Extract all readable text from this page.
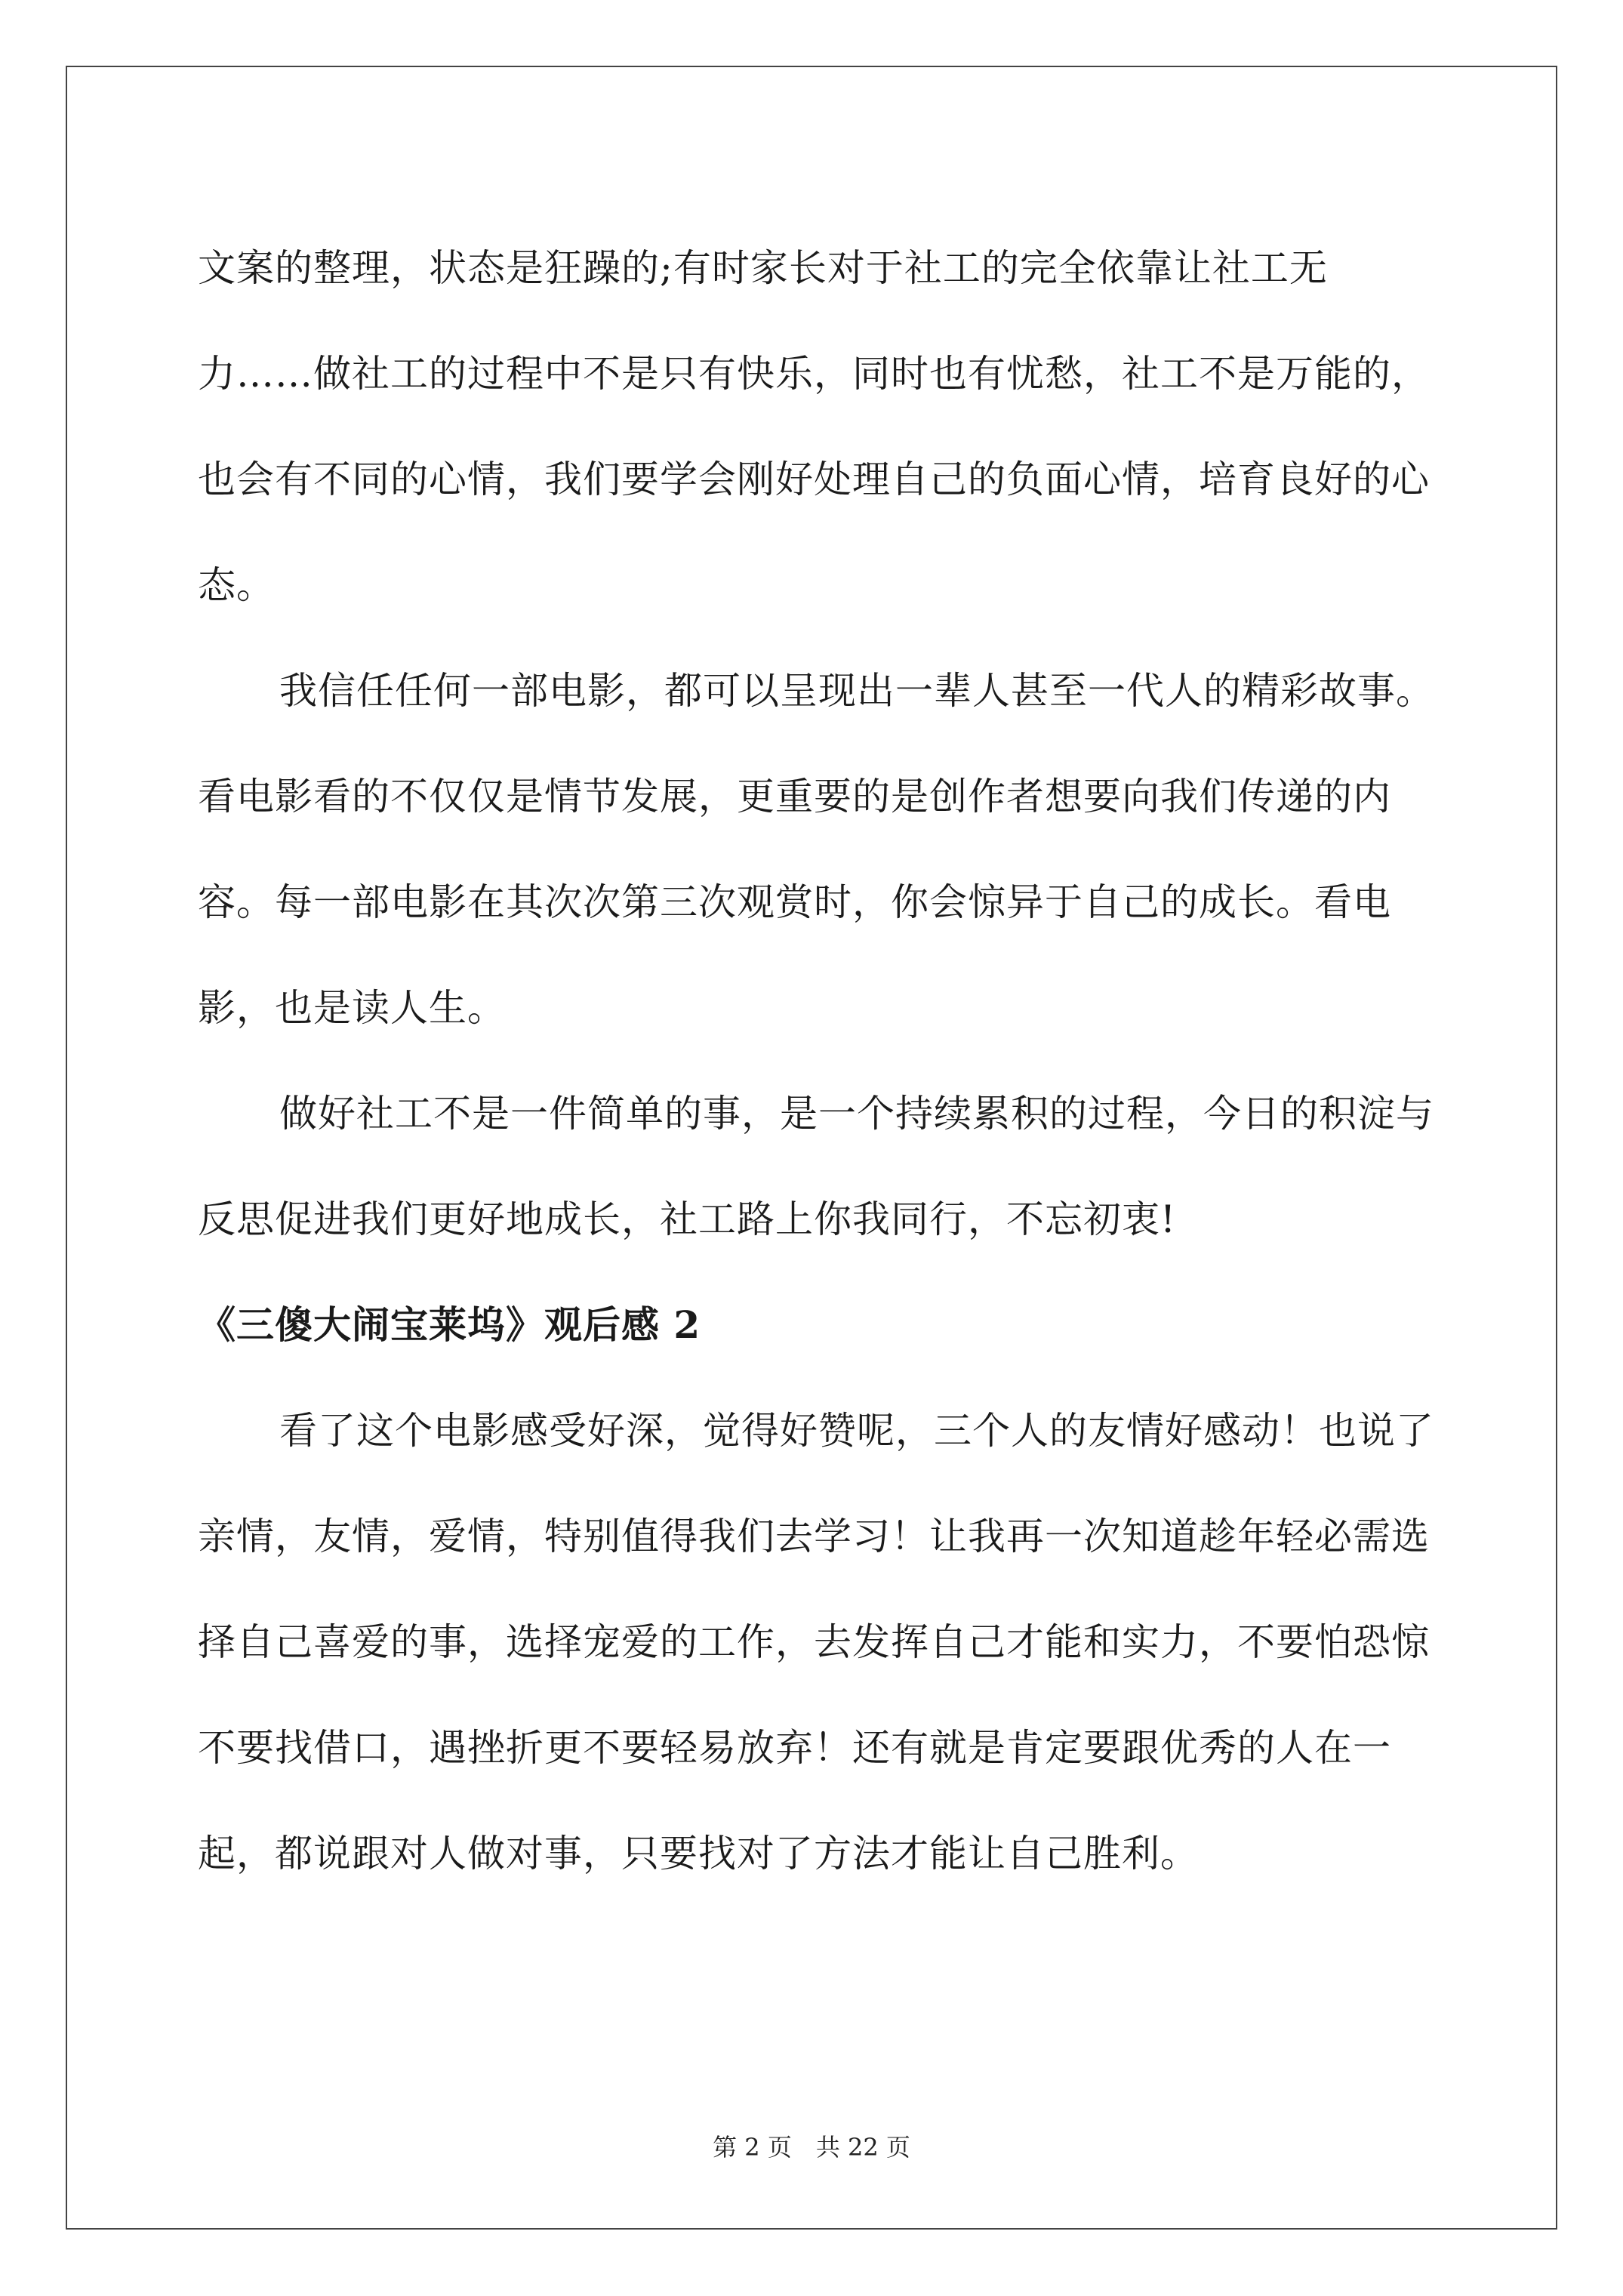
文案的整理，状态是狂躁的;有时家长对于社工的完全依靠让社工无力……做社工的过程中不是只有快乐，同时也有忧愁，社工不是万能的，也会有不同的心情，我们要学会刚好处理自己的负面心情，培育良好的心态。

我信任任何一部电影，都可以呈现出一辈人甚至一代人的精彩故事。看电影看的不仅仅是情节发展，更重要的是创作者想要向我们传递的内容。每一部电影在其次次第三次观赏时，你会惊异于自己的成长。看电影，也是读人生。

做好社工不是一件简单的事，是一个持续累积的过程，今日的积淀与反思促进我们更好地成长，社工路上你我同行，不忘初衷!

《三傻大闹宝莱坞》观后感 2

看了这个电影感受好深，觉得好赞呢，三个人的友情好感动！也说了亲情，友情，爱情，特别值得我们去学习！让我再一次知道趁年轻必需选择自己喜爱的事，选择宠爱的工作，去发挥自己才能和实力，不要怕恐惊不要找借口，遇挫折更不要轻易放弃！还有就是肯定要跟优秀的人在一起，都说跟对人做对事，只要找对了方法才能让自己胜利。

第 2 页　共 22 页
